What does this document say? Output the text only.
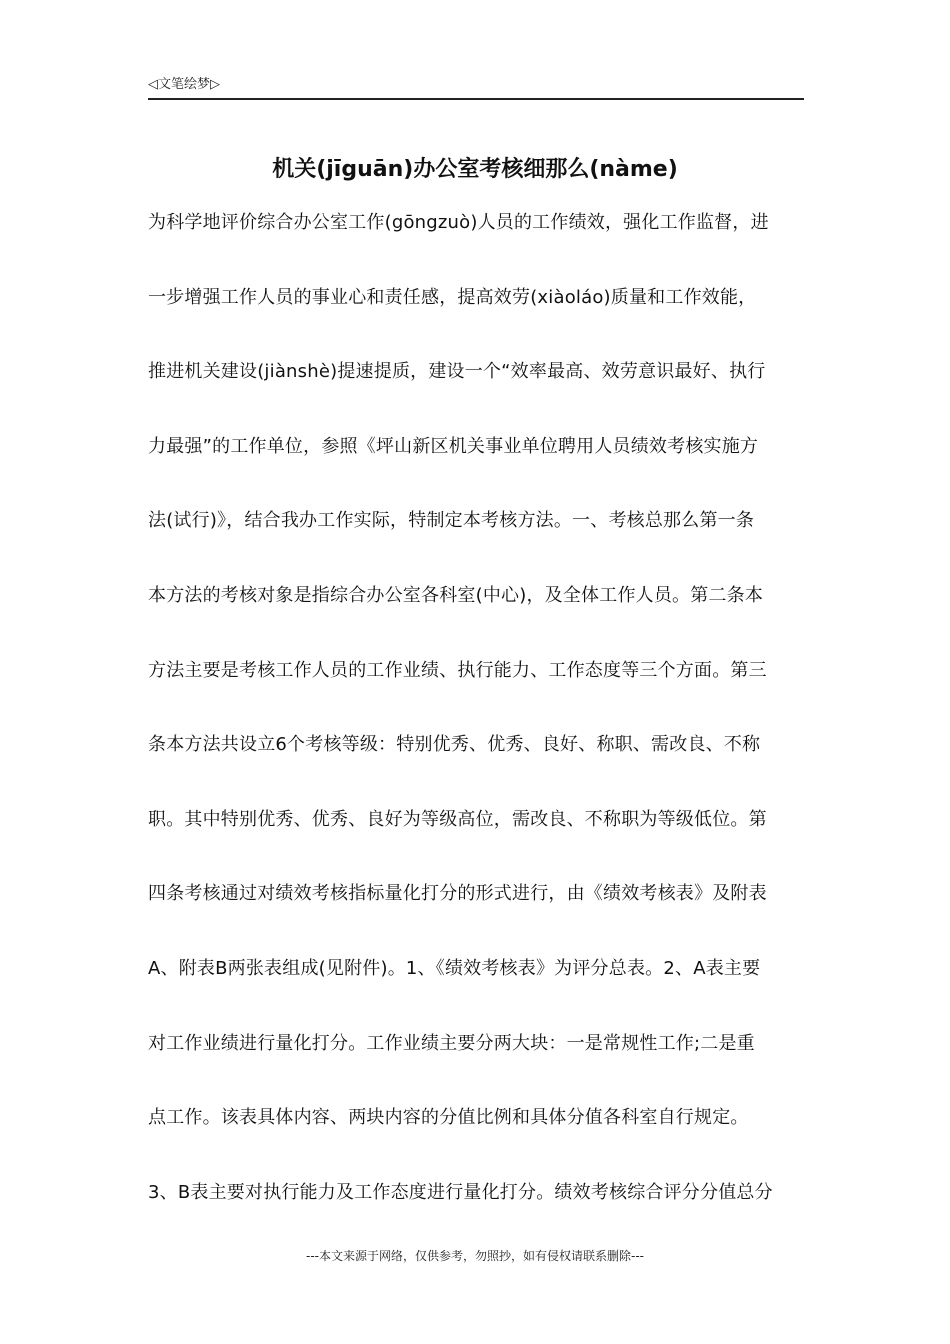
◁文笔绘梦▷
机关(jīguān)办公室考核细那么(nàme)
为科学地评价综合办公室工作(gōngzuò)人员的工作绩效，强化工作监督，进
一步增强工作人员的事业心和责任感，提高效劳(xiàoláo)质量和工作效能，
推进机关建设(jiànshè)提速提质，建设一个“效率最高、效劳意识最好、执行
力最强”的工作单位，参照《坪山新区机关事业单位聘用人员绩效考核实施方
法(试行)》，结合我办工作实际，特制定本考核方法。一、考核总那么第一条
本方法的考核对象是指综合办公室各科室(中心)，及全体工作人员。第二条本
方法主要是考核工作人员的工作业绩、执行能力、工作态度等三个方面。第三
条本方法共设立6个考核等级：特别优秀、优秀、良好、称职、需改良、不称
职。其中特别优秀、优秀、良好为等级高位，需改良、不称职为等级低位。第
四条考核通过对绩效考核指标量化打分的形式进行，由《绩效考核表》及附表
A、附表B两张表组成(见附件)。1、《绩效考核表》为评分总表。2、A表主要
对工作业绩进行量化打分。工作业绩主要分两大块：一是常规性工作;二是重
点工作。该表具体内容、两块内容的分值比例和具体分值各科室自行规定。
3、B表主要对执行能力及工作态度进行量化打分。绩效考核综合评分分值总分
---本文来源于网络，仅供参考，勿照抄，如有侵权请联系删除---
